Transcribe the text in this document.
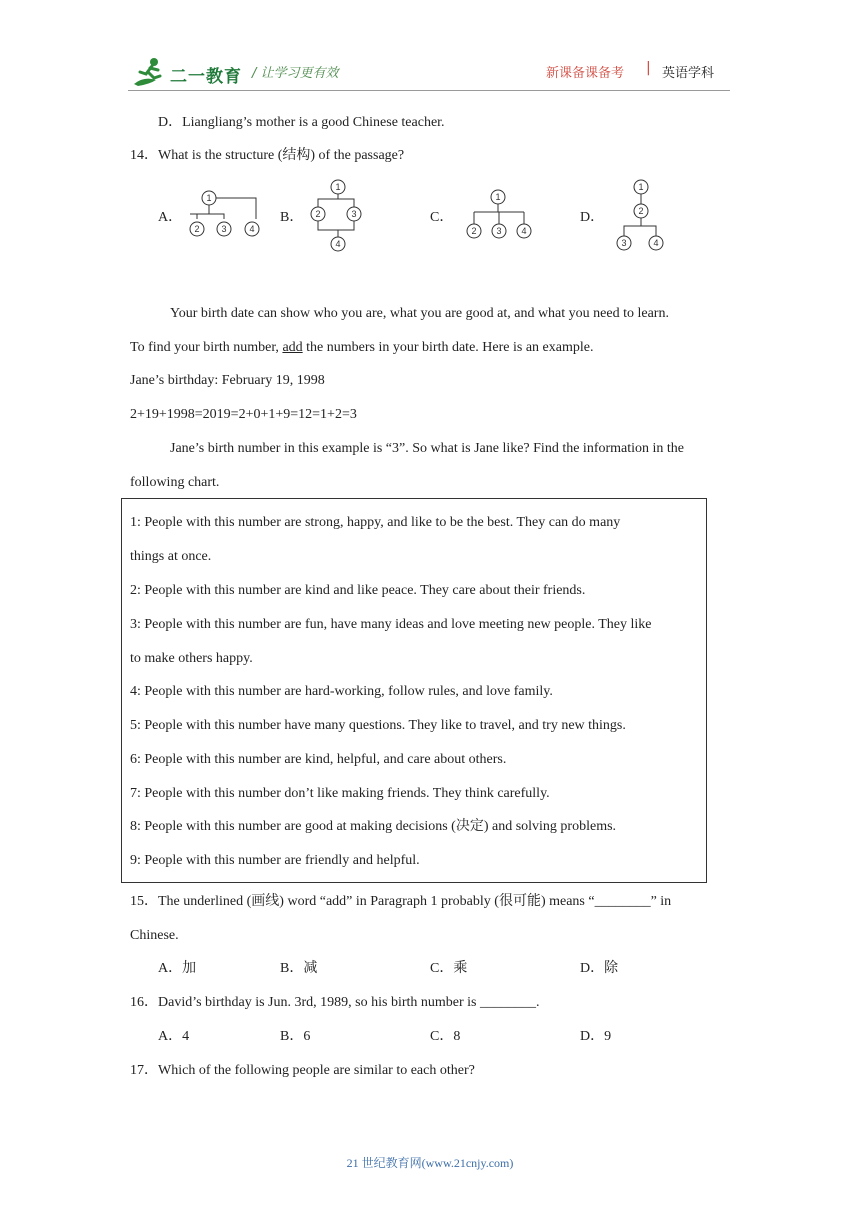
二一教育 / 让学习更有效	新课备课备考 | 英语学科
D．Liangliang’s mother is a good Chinese teacher.
14．What is the structure (结构) of the passage?
A．
1
2 3	4
B．
1
2	3
4
C．
1
2 3 4
D．
1
2
3	4
Your birth date can show who you are, what you are good at, and what you need to learn.
To find your birth number, add the numbers in your birth date. Here is an example.
Jane’s birthday: February 19, 1998
2+19+1998=2019=2+0+1+9=12=1+2=3
Jane’s birth number in this example is “3”. So what is Jane like? Find the information in the
following chart.
1: People with this number are strong, happy, and like to be the best. They can do many
things at once.
2: People with this number are kind and like peace. They care about their friends.
3: People with this number are fun, have many ideas and love meeting new people. They like
to make others happy.
4: People with this number are hard-working, follow rules, and love family.
5: People with this number have many questions. They like to travel, and try new things.
6: People with this number are kind, helpful, and care about others.
7: People with this number don’t like making friends. They think carefully.
8: People with this number are good at making decisions (决定) and solving problems.
9: People with this number are friendly and helpful.
15．The underlined (画线) word “add” in Paragraph 1 probably (很可能) means “________” in
Chinese.
A．加	B．减	C．乘	D．除
16．David’s birthday is Jun. 3rd, 1989, so his birth number is ________.
A．4	B．6	C．8	D．9
17．Which of the following people are similar to each other?
21 世纪教育网(www.21cnjy.com)
